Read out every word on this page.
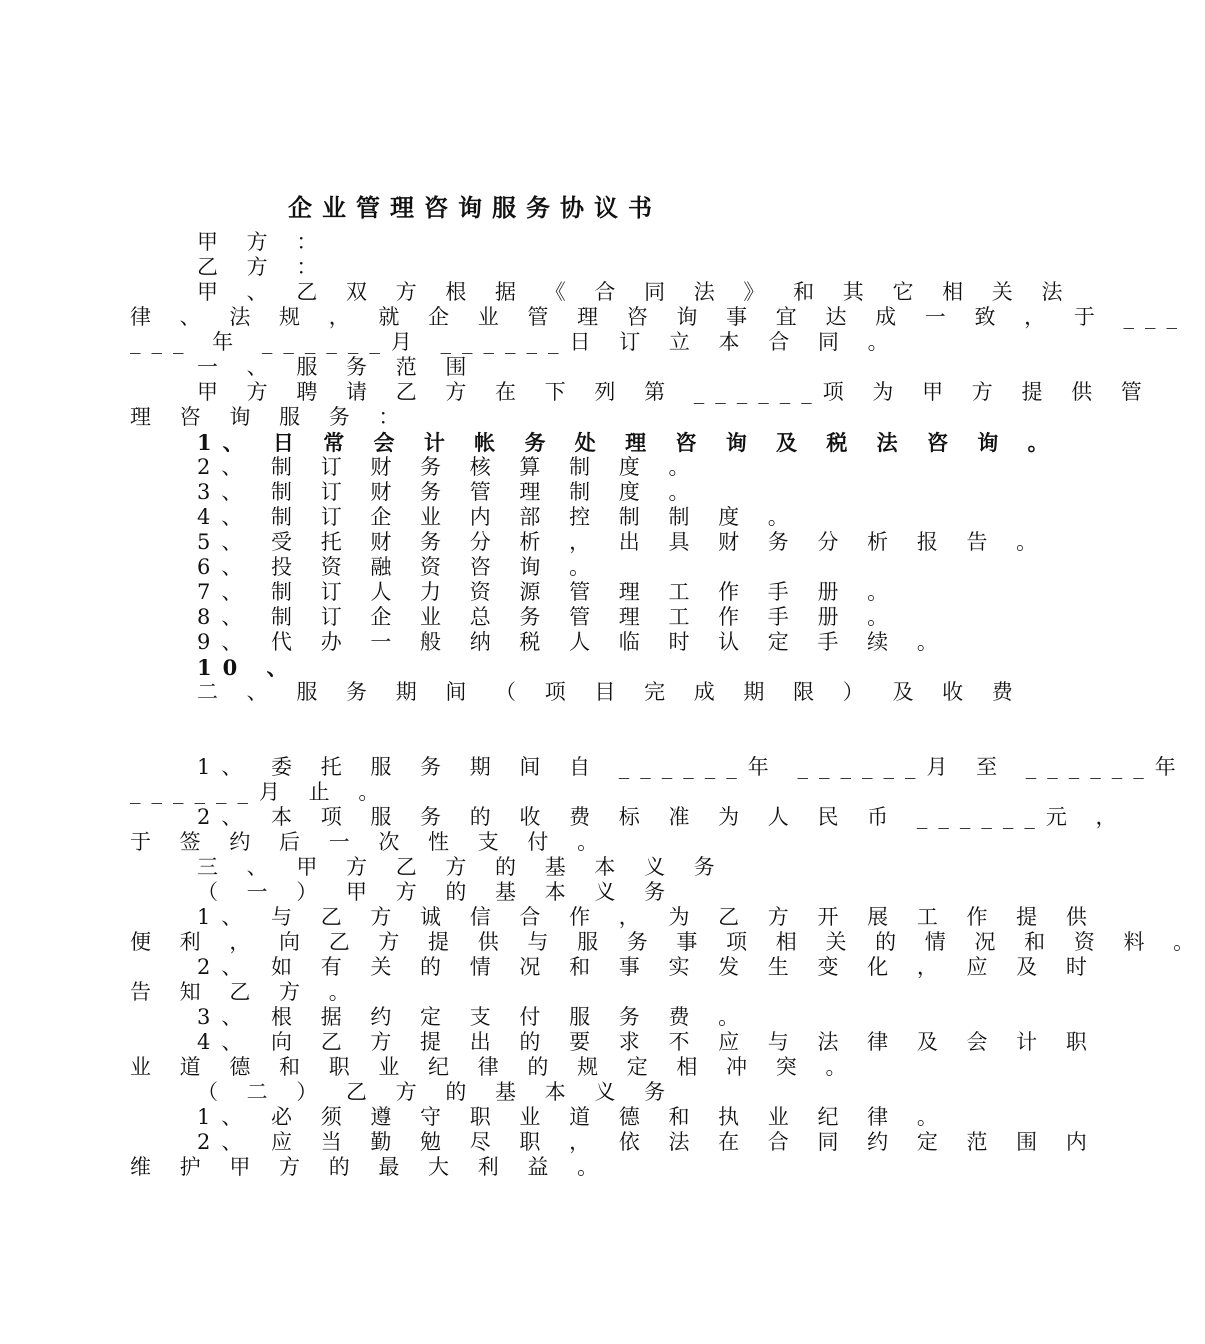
企业管理咨询服务协议书
甲 方 ：
乙 方 ：
甲 、 乙 双 方 根 据 《 合 同 法 》 和 其 它 相 关 法
律 、 法 规 ， 就 企 业 管 理 咨 询 事 宜 达 成 一 致 ， 于 ___
___ 年 ______月 ______日 订 立 本 合 同 。
一 、 服 务 范 围
甲 方 聘 请 乙 方 在 下 列 第 ______项 为 甲 方 提 供 管
理 咨 询 服 务 ：
1、 日 常 会 计 帐 务 处 理 咨 询 及 税 法 咨 询 。
2、 制 订 财 务 核 算 制 度 。
3、 制 订 财 务 管 理 制 度 。
4、 制 订 企 业 内 部 控 制 制 度 。
5、 受 托 财 务 分 析 ， 出 具 财 务 分 析 报 告 。
6、 投 资 融 资 咨 询 。
7、 制 订 人 力 资 源 管 理 工 作 手 册 。
8、 制 订 企 业 总 务 管 理 工 作 手 册 。
9、 代 办 一 般 纳 税 人 临 时 认 定 手 续 。
10 、
二 、 服 务 期 间 （ 项 目 完 成 期 限 ） 及 收 费
1、 委 托 服 务 期 间 自 ______年 ______月 至 ______年
______月 止 。
2、 本 项 服 务 的 收 费 标 准 为 人 民 币 ______元 ，
于 签 约 后 一 次 性 支 付 。
三 、 甲 方 乙 方 的 基 本 义 务
（ 一 ） 甲 方 的 基 本 义 务
1、 与 乙 方 诚 信 合 作 ， 为 乙 方 开 展 工 作 提 供
便 利 ， 向 乙 方 提 供 与 服 务 事 项 相 关 的 情 况 和 资 料 。
2、 如 有 关 的 情 况 和 事 实 发 生 变 化 ， 应 及 时
告 知 乙 方 。
3、 根 据 约 定 支 付 服 务 费 。
4、 向 乙 方 提 出 的 要 求 不 应 与 法 律 及 会 计 职
业 道 德 和 职 业 纪 律 的 规 定 相 冲 突 。
（ 二 ） 乙 方 的 基 本 义 务
1、 必 须 遵 守 职 业 道 德 和 执 业 纪 律 。
2、 应 当 勤 勉 尽 职 ， 依 法 在 合 同 约 定 范 围 内
维 护 甲 方 的 最 大 利 益 。
